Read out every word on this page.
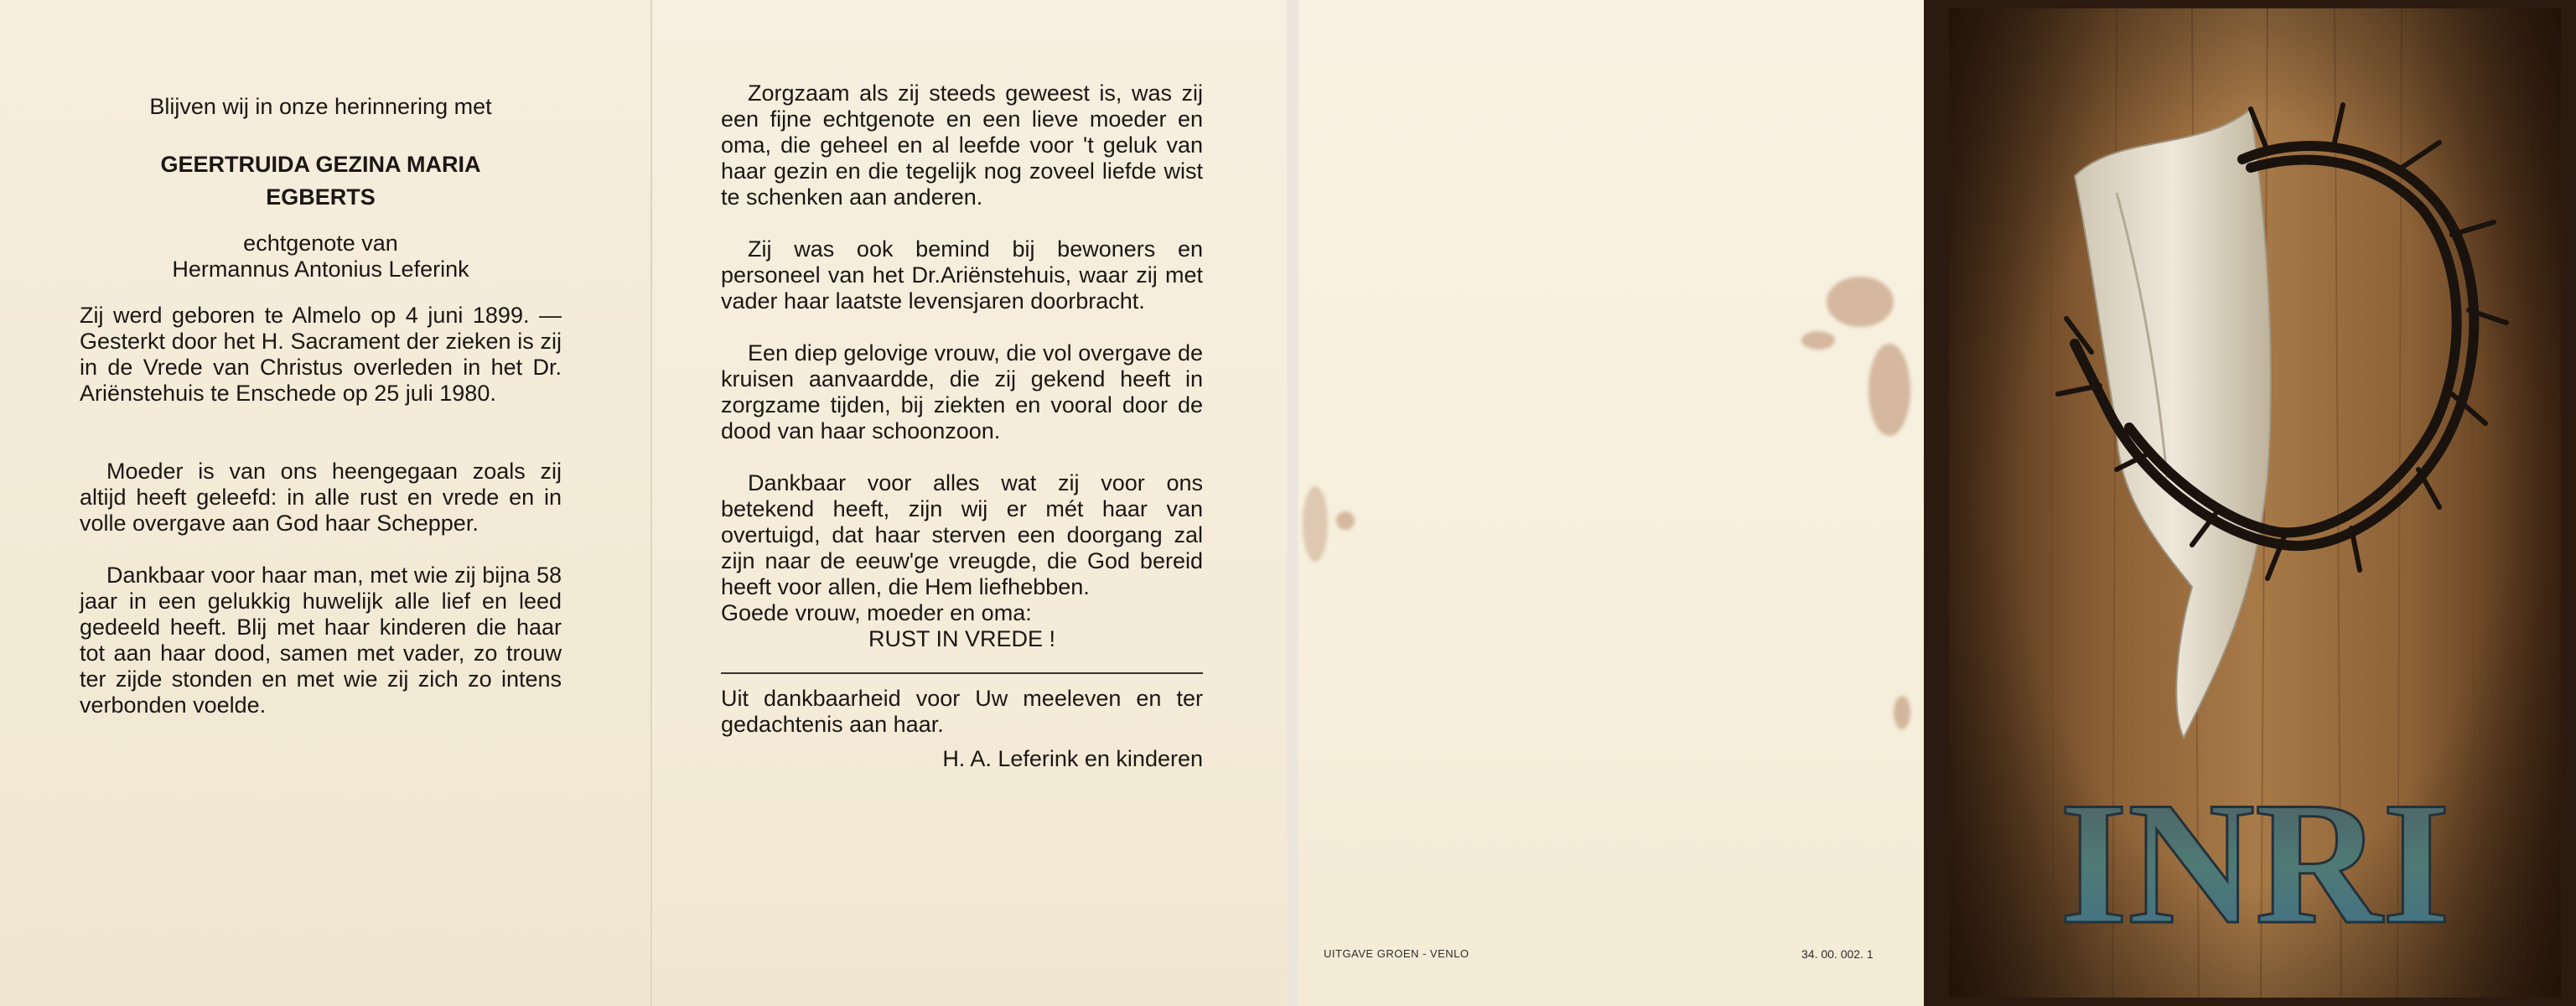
Blijven wij in onze herinnering met
GEERTRUIDA GEZINA MARIA
EGBERTS
echtgenote van
Hermannus Antonius Leferink
Zij werd geboren te Almelo op 4 juni 1899. — Gesterkt door het H. Sacrament der zieken is zij in de Vrede van Christus overleden in het Dr. Ariënstehuis te Enschede op 25 juli 1980.
Moeder is van ons heengegaan zoals zij altijd heeft geleefd: in alle rust en vrede en in volle overgave aan God haar Schepper.
Dankbaar voor haar man, met wie zij bijna 58 jaar in een gelukkig huwelijk alle lief en leed gedeeld heeft. Blij met haar kinderen die haar tot aan haar dood, samen met vader, zo trouw ter zijde stonden en met wie zij zich zo intens verbonden voelde.
Zorgzaam als zij steeds geweest is, was zij een fijne echtgenote en een lieve moeder en oma, die geheel en al leefde voor 't geluk van haar gezin en die tegelijk nog zoveel liefde wist te schenken aan anderen.
Zij was ook bemind bij bewoners en personeel van het Dr.Ariënstehuis, waar zij met vader haar laatste levensjaren doorbracht.
Een diep gelovige vrouw, die vol overgave de kruisen aanvaardde, die zij gekend heeft in zorgzame tijden, bij ziekten en vooral door de dood van haar schoonzoon.
Dankbaar voor alles wat zij voor ons betekend heeft, zijn wij er mét haar van overtuigd, dat haar sterven een doorgang zal zijn naar de eeuw'ge vreugde, die God bereid heeft voor allen, die Hem liefhebben.
Goede vrouw, moeder en oma:
RUST IN VREDE !
Uit dankbaarheid voor Uw meeleven en ter gedachtenis aan haar.
H. A. Leferink en kinderen
UITGAVE GROEN - VENLO	34. 00. 002. 1 INRI
